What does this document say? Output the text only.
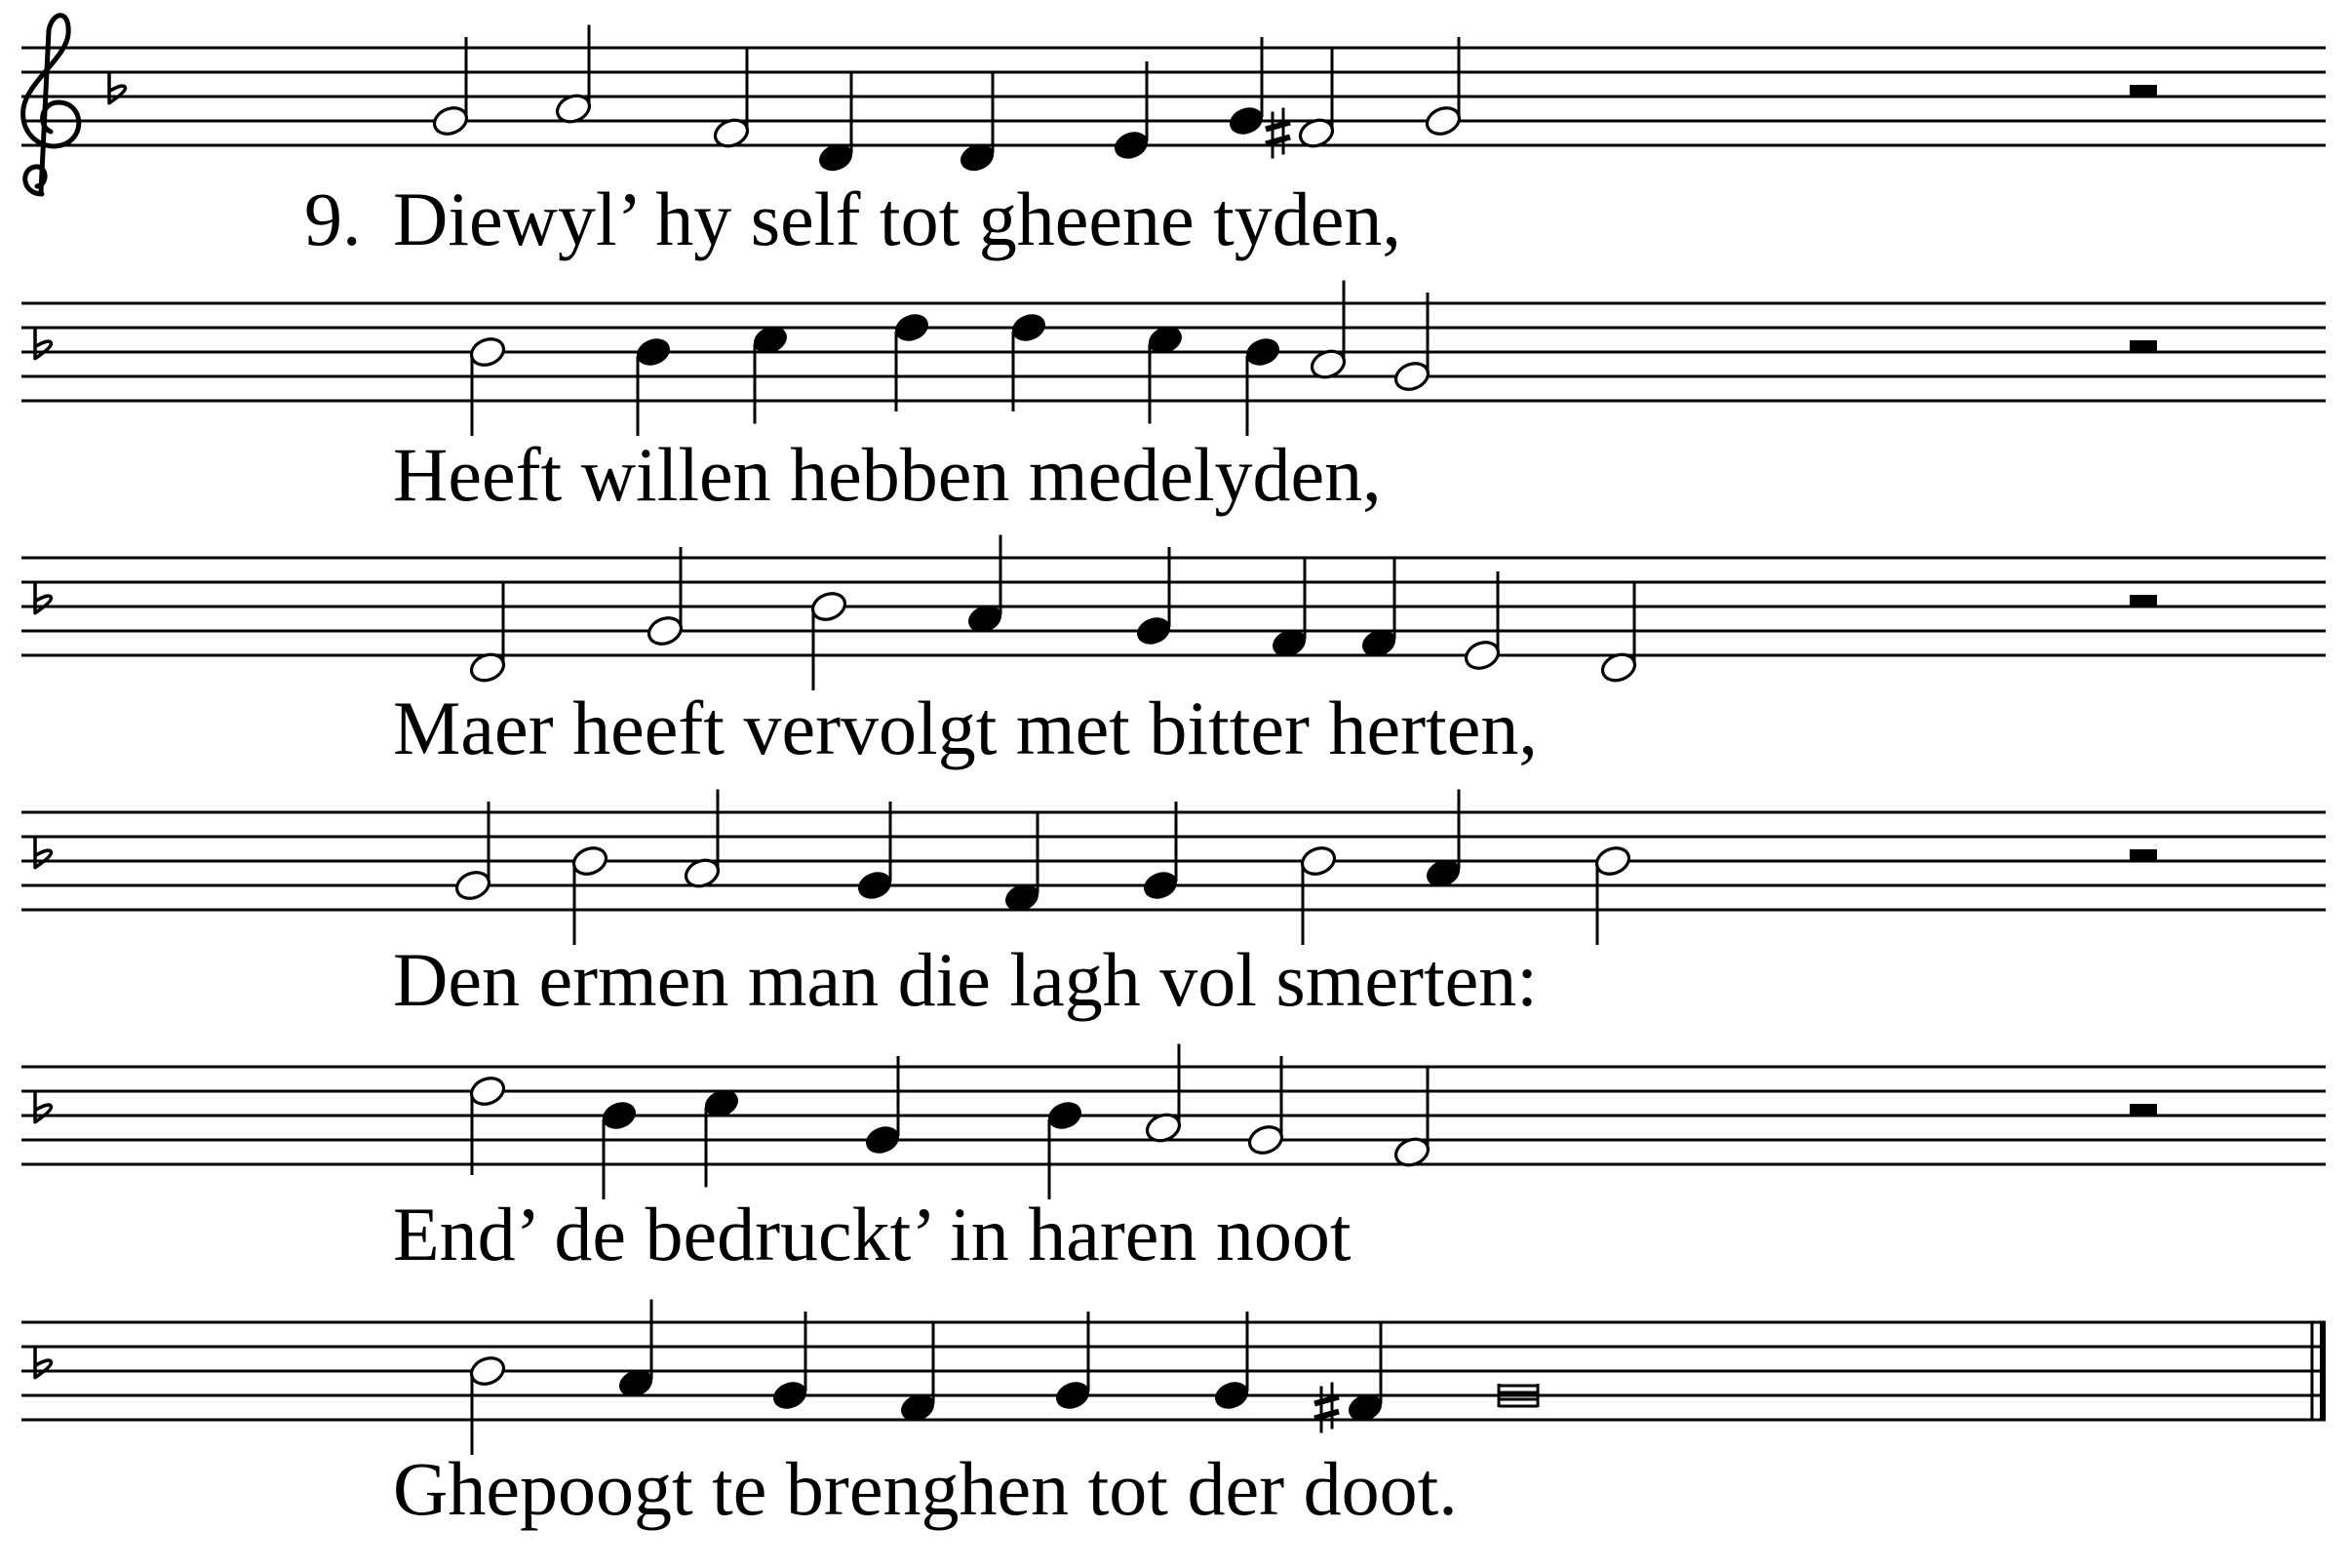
Diewyl’ hy self tot gheene tyden,
Heeft willen hebben medelyden,
Maer heeft vervolgt met bitter herten,
Den ermen man die lagh vol smerten:
End’ de bedruckt’ in haren noot
Ghepoogt te brenghen tot der doot.
9.
